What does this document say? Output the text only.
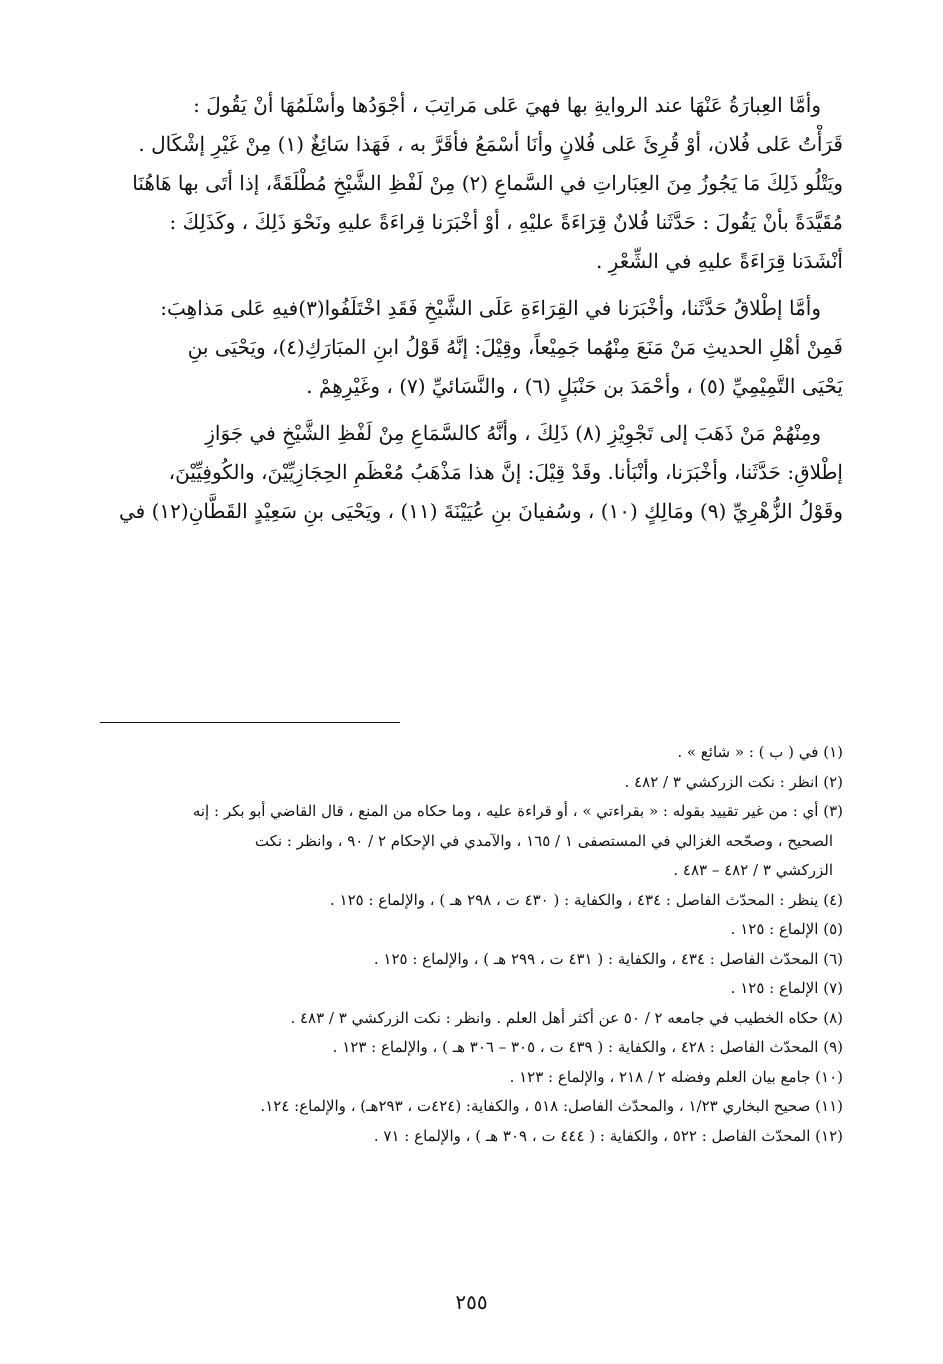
وأمَّا العِبارَةُ عَنْهَا عند الروايةِ بها فهيَ عَلى مَراتِبَ ، أجْوَدُها وأسْلَمُهَا أنْ يَقُولَ :
قَرَأْتُ عَلى فُلان، أوْ قُرِئَ عَلى فُلانٍ وأنَا أسْمَعُ فأقَرَّ به ، فَهَذا سَائِغٌ (١) مِنْ غَيْرِ إشْكَال .
ويَتْلُو ذَلِكَ مَا يَجُوزُ مِنَ العِبَاراتِ في السَّماعِ (٢) مِنْ لَفْظِ الشَّيْخِ مُطْلَقَةً، إذا أتَى بها هَاهُنَا
مُقَيَّدَةً بأنْ يَقُولَ : حَدَّثَنا فُلانٌ قِرَاءَةً عليْهِ ، أوْ أخْبَرَنا قِراءَةً عليهِ ونَحْوَ ذَلِكَ ، وكَذَلِكَ :
أنْشَدَنا قِرَاءَةً عليهِ في الشِّعْرِ .
وأمَّا إطْلاقُ حَدَّثَنا، وأخْبَرَنا في القِرَاءَةِ عَلَى الشَّيْخِ فَقَدِ اخْتَلَفُوا(٣)فيهِ عَلى مَذاهِبَ:
فَمِنْ أهْلِ الحديثِ مَنْ مَنَعَ مِنْهُما جَمِيْعاً، وقِيْلَ: إنَّهُ قَوْلُ ابنِ المبَارَكِ(٤)، ويَحْيَى بنِ
يَحْيَى التَّمِيْمِيِّ (٥) ، وأحْمَدَ بن حَنْبَلٍ (٦) ، والنَّسَائيِّ (٧) ، وغَيْرِهِمْ .
ومِنْهُمْ مَنْ ذَهَبَ إلى تَجْوِيْزِ (٨) ذَلِكَ ، وأنَّهُ كالسَّمَاعِ مِنْ لَفْظِ الشَّيْخِ في جَوَازِ
إطْلاقِ: حَدَّثَنا، وأخْبَرَنا، وأنْبَأنا. وقَدْ قِيْلَ: إنَّ هذا مَذْهَبُ مُعْظَمِ الحِجَازِيِّيْنَ، والكُوفِيِّيْنَ،
وقَوْلُ الزُّهْرِيِّ (٩) ومَالِكٍ (١٠) ، وسُفيانَ بنِ عُيَيْنَةَ (١١) ، ويَحْيَى بنِ سَعِيْدٍ القَطَّانِ(١٢) في
(١) في ( ب ) : « شائع » .
(٢) انظر : نكت الزركشي ٣ / ٤٨٢ .
(٣) أي : من غير تقييد بقوله : « بقراءتي » ، أو قراءة عليه ، وما حكاه من المنع ، قال القاضي أبو بكر : إنه
الصحيح ، وصحّحه الغزالي في المستصفى ١ / ١٦٥ ، والآمدي في الإحكام ٢ / ٩٠ ، وانظر : نكت
الزركشي ٣ / ٤٨٢ – ٤٨٣ .
(٤) ينظر : المحدّث الفاصل : ٤٣٤ ، والكفاية : ( ٤٣٠ ت ، ٢٩٨ هـ ) ، والإلماع : ١٢٥ .
(٥) الإلماع : ١٢٥ .
(٦) المحدّث الفاصل : ٤٣٤ ، والكفاية : ( ٤٣١ ت ، ٢٩٩ هـ ) ، والإلماع : ١٢٥ .
(٧) الإلماع : ١٢٥ .
(٨) حكاه الخطيب في جامعه ٢ / ٥٠ عن أكثر أهل العلم . وانظر : نكت الزركشي ٣ / ٤٨٣ .
(٩) المحدّث الفاصل : ٤٢٨ ، والكفاية : ( ٤٣٩ ت ، ٣٠٥ – ٣٠٦ هـ ) ، والإلماع : ١٢٣ .
(١٠) جامع بيان العلم وفضله ٢ / ٢١٨ ، والإلماع : ١٢٣ .
(١١) صحيح البخاري ١/٢٣ ، والمحدّث الفاصل: ٥١٨ ، والكفاية: (٤٢٤ت ، ٢٩٣هـ) ، والإلماع: ١٢٤.
(١٢) المحدّث الفاصل : ٥٢٢ ، والكفاية : ( ٤٤٤ ت ، ٣٠٩ هـ ) ، والإلماع : ٧١ .
٢٥٥
